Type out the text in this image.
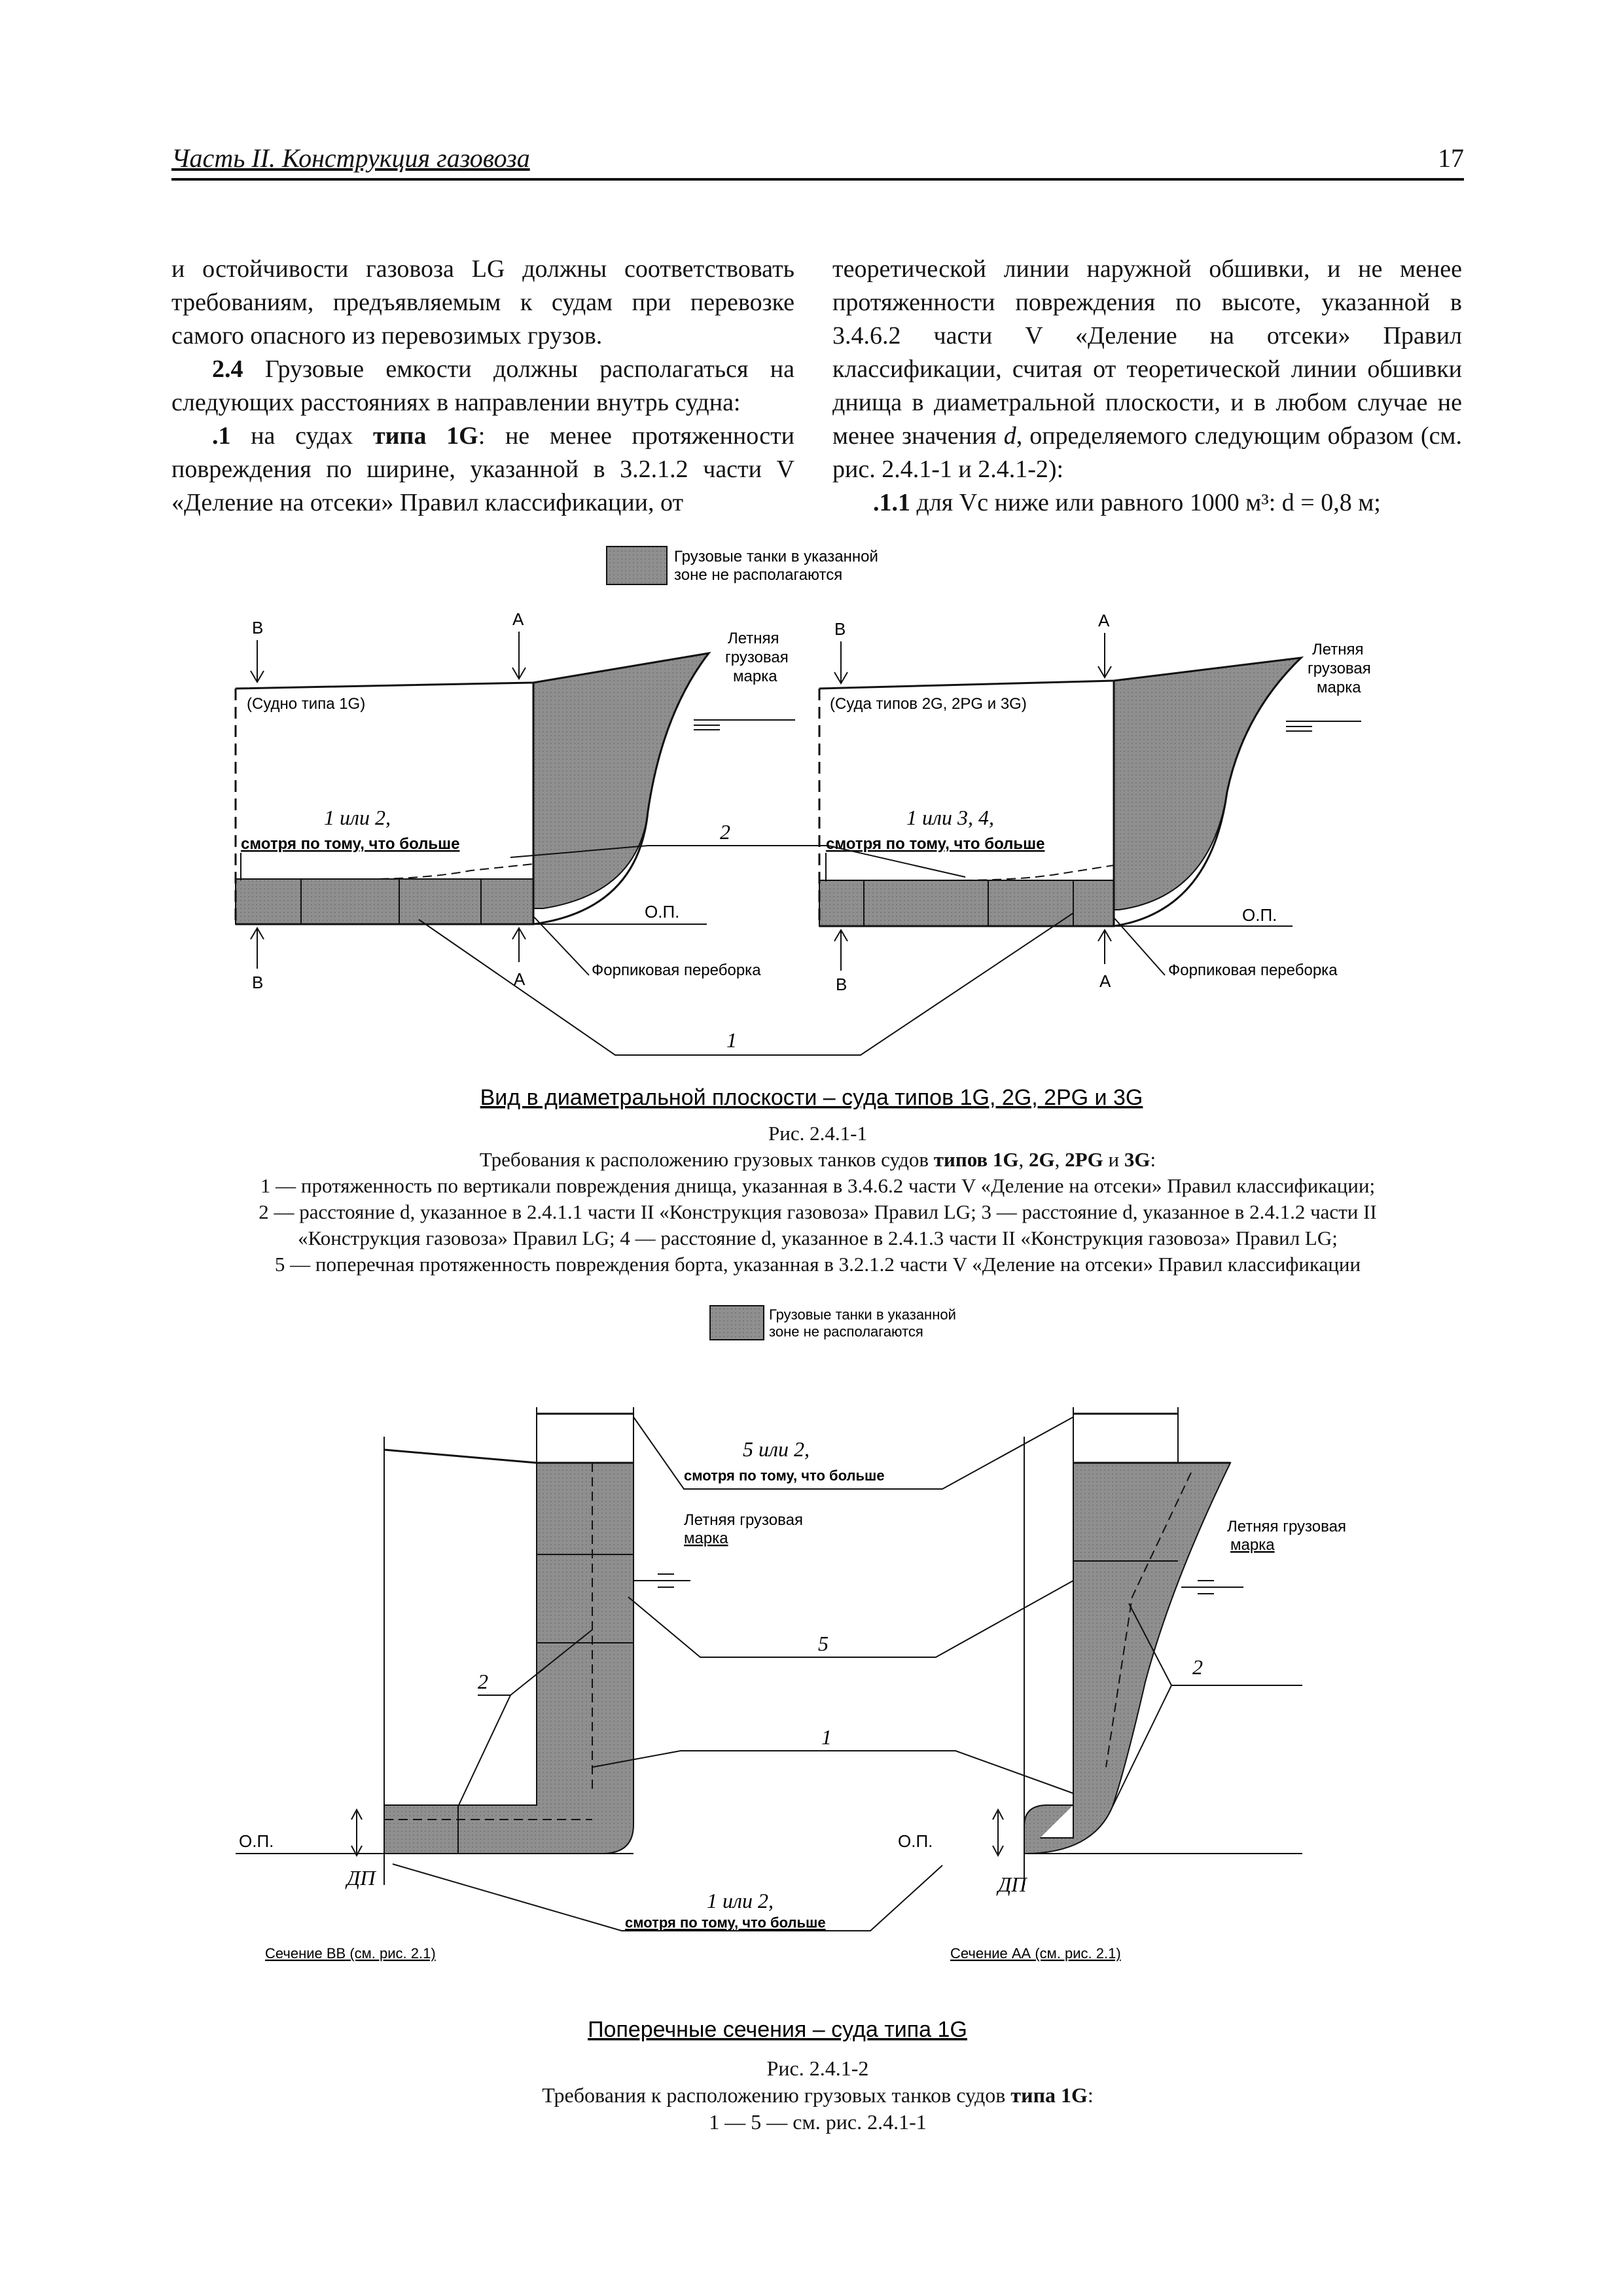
Часть II. Конструкция газовоза	17

и остойчивости газовоза LG должны соответствовать требованиям, предъявляемым к судам при перевозке самого опасного из перевозимых грузов.

2.4 Грузовые емкости должны располагаться на следующих расстояниях в направлении внутрь судна:

.1 на судах типа 1G: не менее протяженности повреждения по ширине, указанной в 3.2.1.2 части V «Деление на отсеки» Правил классификации, от

теоретической линии наружной обшивки, и не менее протяженности повреждения по высоте, указанной в 3.4.6.2 части V «Деление на отсеки» Правил классификации, считая от теоретической линии обшивки днища в диаметральной плоскости, и в любом случае не менее значения d, определяемого следующим образом (см. рис. 2.4.1-1 и 2.4.1-2):

.1.1 для Vc ниже или равного 1000 м³: d = 0,8 м;

Грузовые танки в указанной
зоне не располагаются
О.П.
Летняя
грузовая
марка
B	A
B	A
(Судно типа 1G)
1 или 2,
смотря по тому, что больше
Форпиковая переборка
О.П.
Летняя
грузовая
марка
B	A
B	A
(Суда типов 2G, 2PG и 3G)
1 или 3, 4,
смотря по тому, что больше
Форпиковая переборка
2
1
Вид в диаметральной плоскости – суда типов 1G, 2G, 2PG и 3G
Грузовые танки в указанной
зоне не располагаются
О.П.
ДП
Летняя грузовая
марка
2
Сечение ВВ (см. рис. 2.1)
О.П.
ДП
Летняя грузовая
марка
2
Сечение АА (см. рис. 2.1)
5 или 2,
смотря по тому, что больше
5
1
1 или 2,
смотря по тому, что больше
Поперечные сечения – суда типа 1G
Рис. 2.4.1-1
Требования к расположению грузовых танков судов типов 1G, 2G, 2PG и 3G:
1 — протяженность по вертикали повреждения днища, указанная в 3.4.6.2 части V «Деление на отсеки» Правил классификации;
2 — расстояние d, указанное в 2.4.1.1 части II «Конструкция газовоза» Правил LG; 3 — расстояние d, указанное в 2.4.1.2 части II
«Конструкция газовоза» Правил LG; 4 — расстояние d, указанное в 2.4.1.3 части II «Конструкция газовоза» Правил LG;
5 — поперечная протяженность повреждения борта, указанная в 3.2.1.2 части V «Деление на отсеки» Правил классификации
Рис. 2.4.1-2
Требования к расположению грузовых танков судов типа 1G:
1 — 5 — см. рис. 2.4.1-1
